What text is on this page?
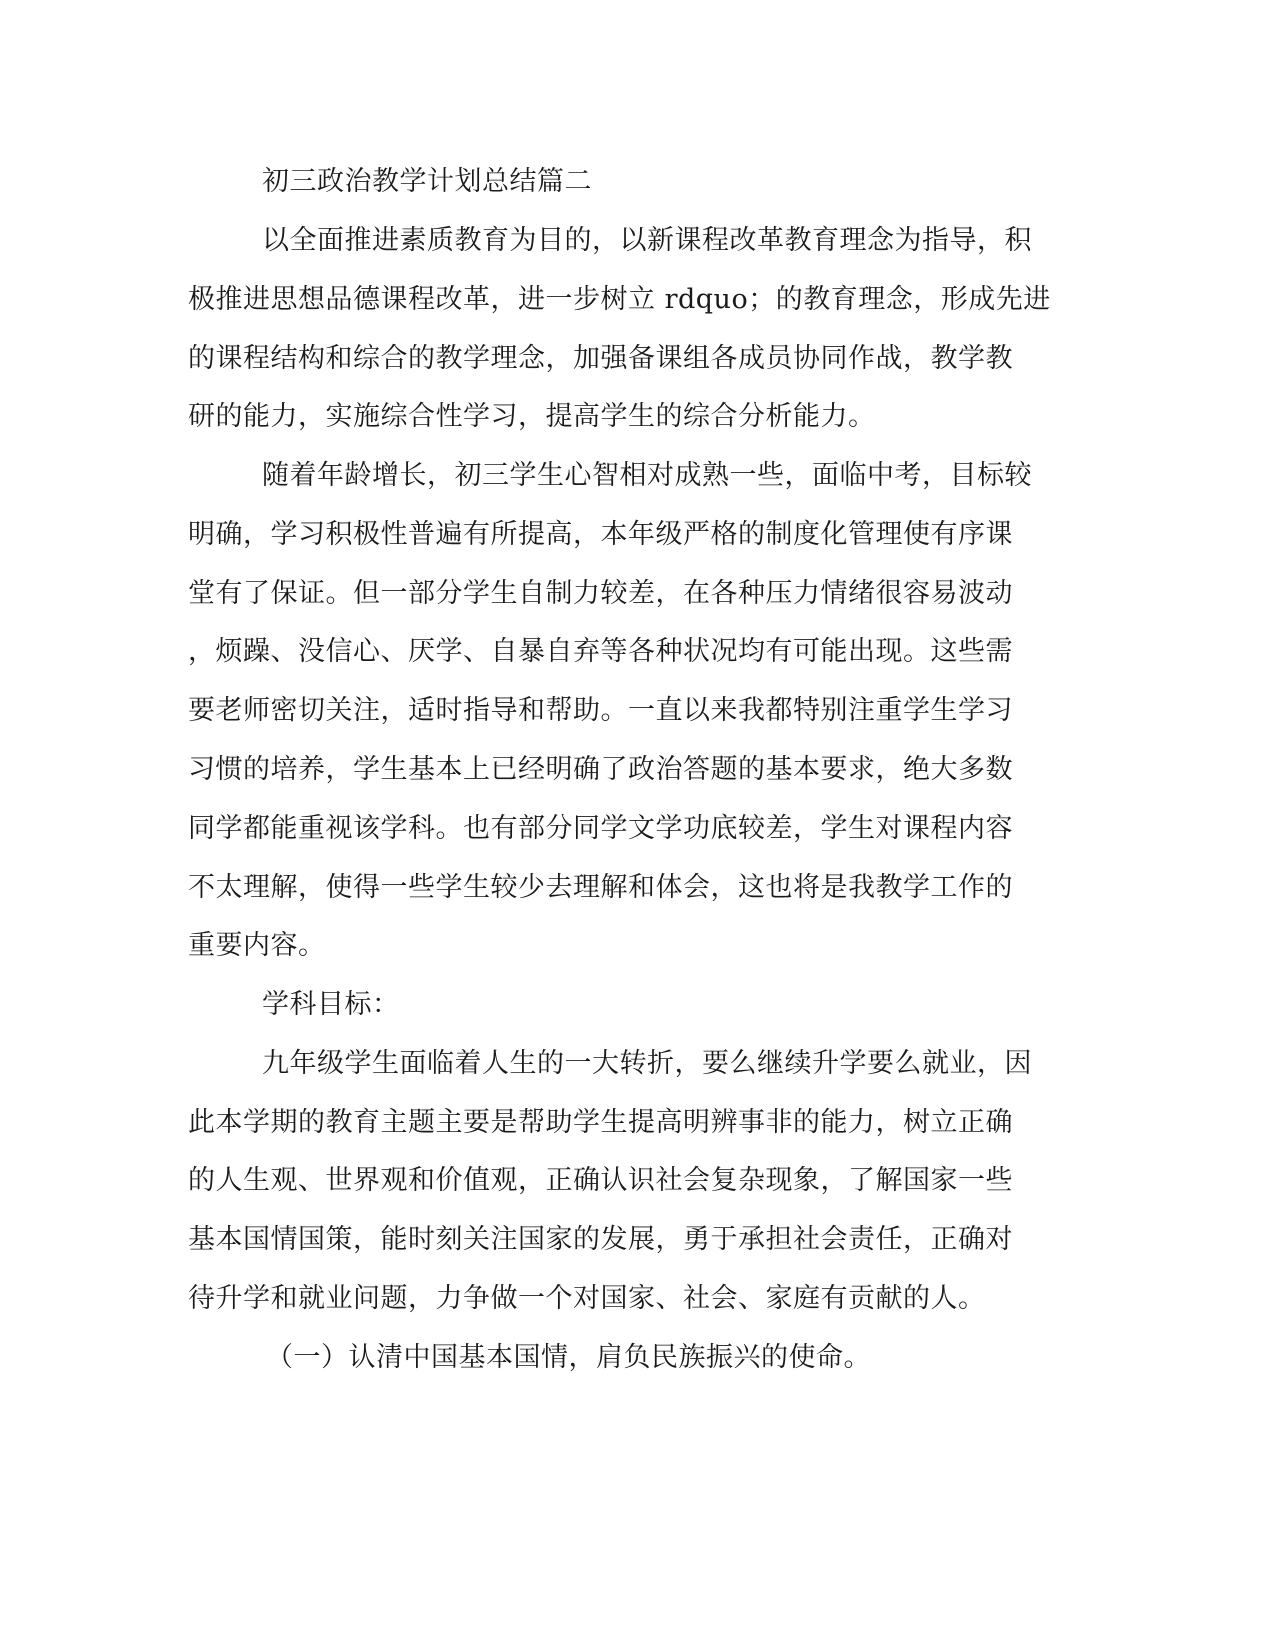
初三政治教学计划总结篇二
以全面推进素质教育为目的，以新课程改革教育理念为指导，积
极推进思想品德课程改革，进一步树立 rdquo；的教育理念，形成先进
的课程结构和综合的教学理念，加强备课组各成员协同作战，教学教
研的能力，实施综合性学习，提高学生的综合分析能力。
随着年龄增长，初三学生心智相对成熟一些，面临中考，目标较
明确，学习积极性普遍有所提高，本年级严格的制度化管理使有序课
堂有了保证。但一部分学生自制力较差，在各种压力情绪很容易波动
，烦躁、没信心、厌学、自暴自弃等各种状况均有可能出现。这些需
要老师密切关注，适时指导和帮助。一直以来我都特别注重学生学习
习惯的培养，学生基本上已经明确了政治答题的基本要求，绝大多数
同学都能重视该学科。也有部分同学文学功底较差，学生对课程内容
不太理解，使得一些学生较少去理解和体会，这也将是我教学工作的
重要内容。
学科目标：
九年级学生面临着人生的一大转折，要么继续升学要么就业，因
此本学期的教育主题主要是帮助学生提高明辨事非的能力，树立正确
的人生观、世界观和价值观，正确认识社会复杂现象，了解国家一些
基本国情国策，能时刻关注国家的发展，勇于承担社会责任，正确对
待升学和就业问题，力争做一个对国家、社会、家庭有贡献的人。
（一）认清中国基本国情，肩负民族振兴的使命。
